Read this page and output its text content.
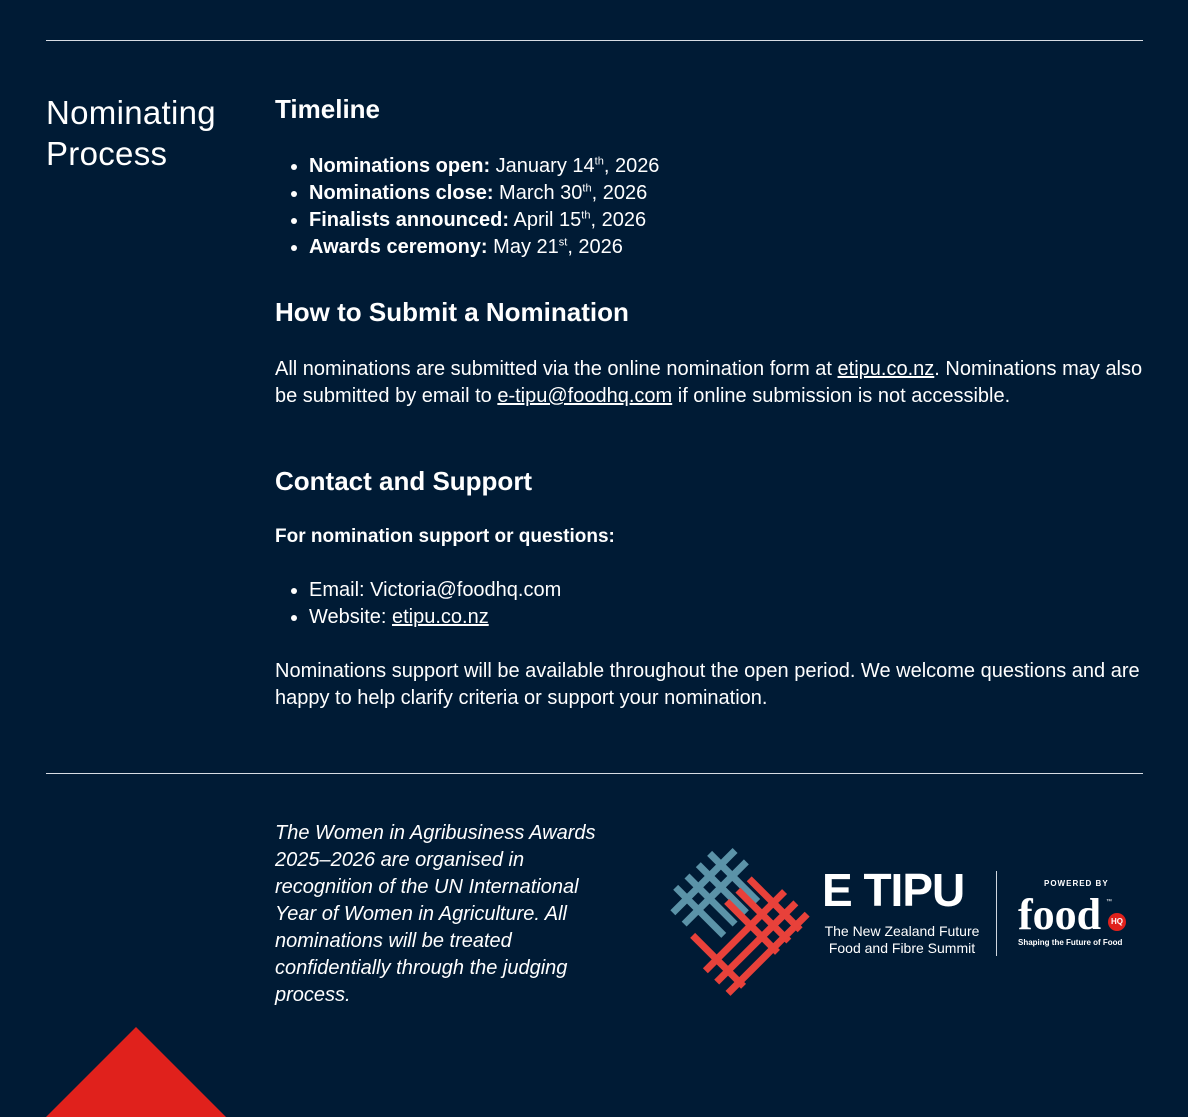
Nominating
Process
Timeline
• Nominations open: January 14th, 2026
• Nominations close: March 30th, 2026
• Finalists announced: April 15th, 2026
• Awards ceremony: May 21st, 2026
How to Submit a Nomination

All nominations are submitted via the online nomination form at etipu.co.nz. Nominations may also be submitted by email to e-tipu@foodhq.com if online submission is not accessible.

Contact and Support

For nomination support or questions:

• Email: Victoria@foodhq.com
• Website: etipu.co.nz

Nominations support will be available throughout the open period. We welcome questions and are happy to help clarify criteria or support your nomination.

The Women in Agribusiness Awards 2025–2026 are organised in recognition of the UN International Year of Women in Agriculture. All nominations will be treated confidentially through the judging process.
E TIPU
The New Zealand Future
Food and Fibre Summit
POWERED BY
food ™
HQ
Shaping the Future of Food
